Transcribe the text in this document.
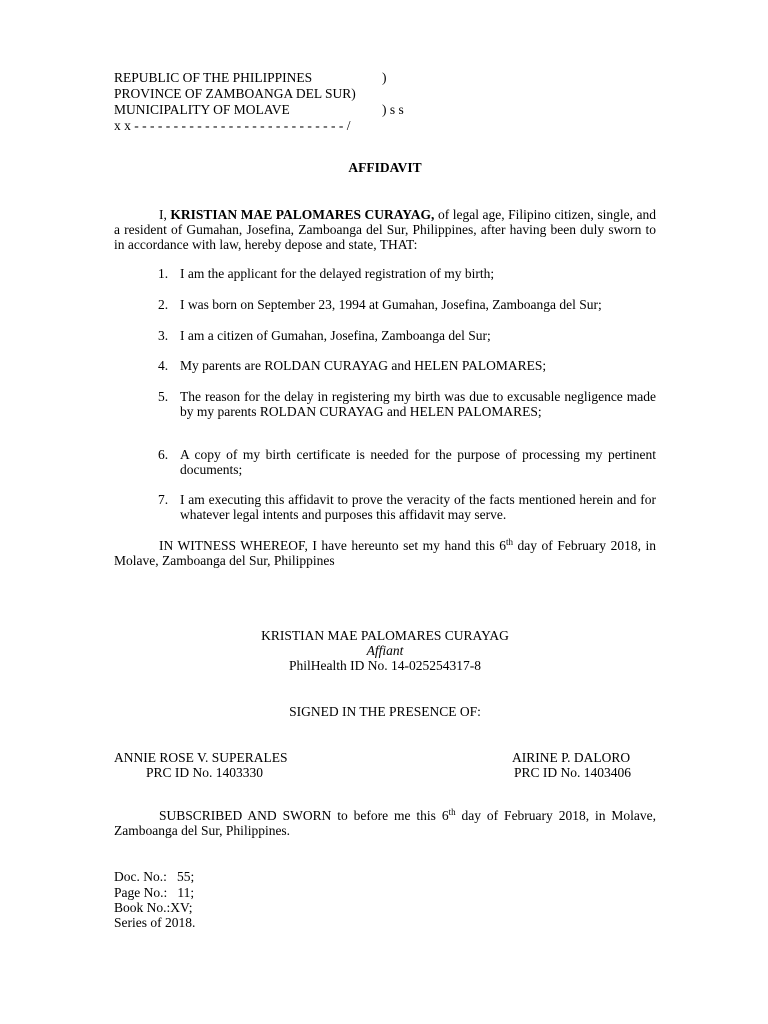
REPUBLIC OF THE PHILIPPINES	)
PROVINCE OF ZAMBOANGA DEL SUR)
MUNICIPALITY OF MOLAVE	) s s
x x - - - - - - - - - - - - - - - - - - - - - - - - - - - /
AFFIDAVIT
I, KRISTIAN MAE PALOMARES CURAYAG, of legal age, Filipino citizen, single, and a resident of Gumahan, Josefina, Zamboanga del Sur, Philippines, after having been duly sworn to in accordance with law, hereby depose and state, THAT:
1. I am the applicant for the delayed registration of my birth;
2. I was born on September 23, 1994 at Gumahan, Josefina, Zamboanga del Sur;
3. I am a citizen of Gumahan, Josefina, Zamboanga del Sur;
4. My parents are ROLDAN CURAYAG and HELEN PALOMARES;
5. The reason for the delay in registering my birth was due to excusable negligence made by my parents ROLDAN CURAYAG and HELEN PALOMARES;
6. A copy of my birth certificate is needed for the purpose of processing my pertinent documents;
7. I am executing this affidavit to prove the veracity of the facts mentioned herein and for whatever legal intents and purposes this affidavit may serve.
IN WITNESS WHEREOF, I have hereunto set my hand this 6th day of February 2018, in Molave, Zamboanga del Sur, Philippines
KRISTIAN MAE PALOMARES CURAYAG
Affiant
PhilHealth ID No. 14-025254317-8
SIGNED IN THE PRESENCE OF:
ANNIE ROSE V. SUPERALES
PRC ID No. 1403330
AIRINE P. DALORO
PRC ID No. 1403406
SUBSCRIBED AND SWORN to before me this 6th day of February 2018, in Molave, Zamboanga del Sur, Philippines.
Doc. No.:   55;
Page No.:   11;
Book No.:XV;
Series of 2018.
